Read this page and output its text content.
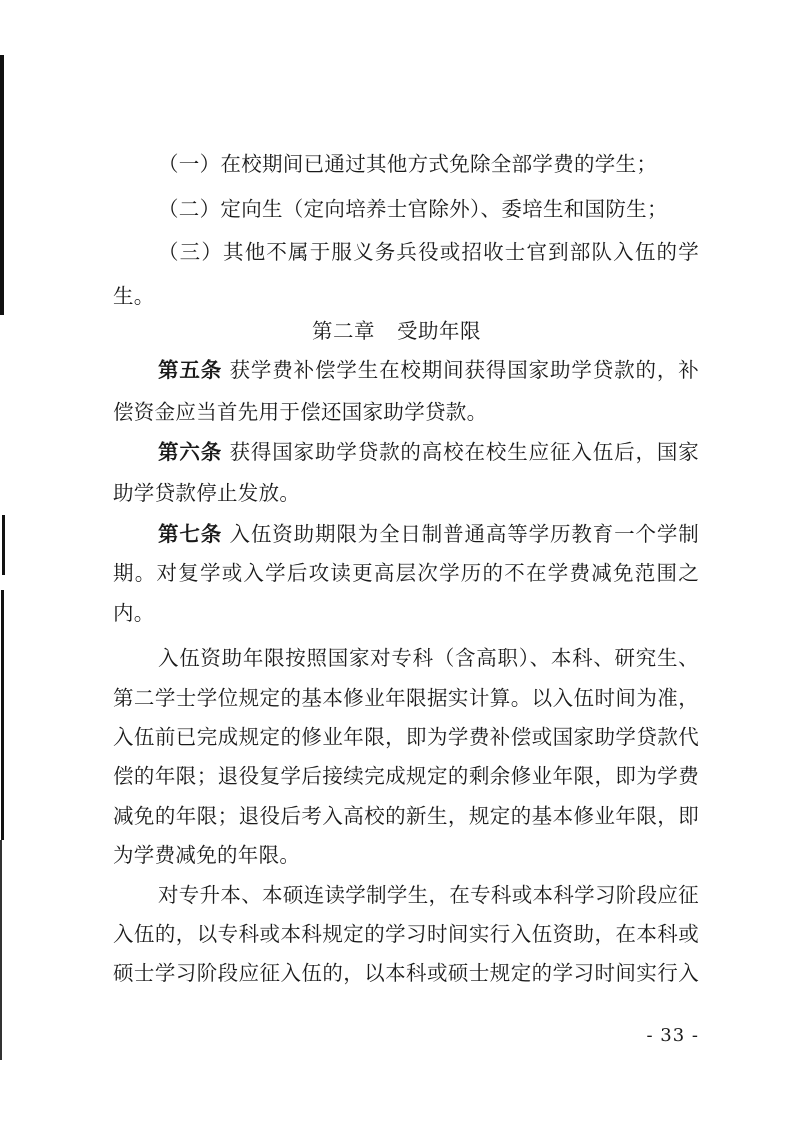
（一）在校期间已通过其他方式免除全部学费的学生；
（二）定向生（定向培养士官除外）、委培生和国防生；
（三）其他不属于服义务兵役或招收士官到部队入伍的学
生。
第二章 受助年限
第五条 获学费补偿学生在校期间获得国家助学贷款的，补
偿资金应当首先用于偿还国家助学贷款。
第六条 获得国家助学贷款的高校在校生应征入伍后，国家
助学贷款停止发放。
第七条 入伍资助期限为全日制普通高等学历教育一个学制
期。对复学或入学后攻读更高层次学历的不在学费减免范围之
内。
入伍资助年限按照国家对专科（含高职）、本科、研究生、
第二学士学位规定的基本修业年限据实计算。以入伍时间为准，
入伍前已完成规定的修业年限，即为学费补偿或国家助学贷款代
偿的年限；退役复学后接续完成规定的剩余修业年限，即为学费
减免的年限；退役后考入高校的新生，规定的基本修业年限，即
为学费减免的年限。
对专升本、本硕连读学制学生，在专科或本科学习阶段应征
入伍的，以专科或本科规定的学习时间实行入伍资助，在本科或
硕士学习阶段应征入伍的，以本科或硕士规定的学习时间实行入
- 33 -
